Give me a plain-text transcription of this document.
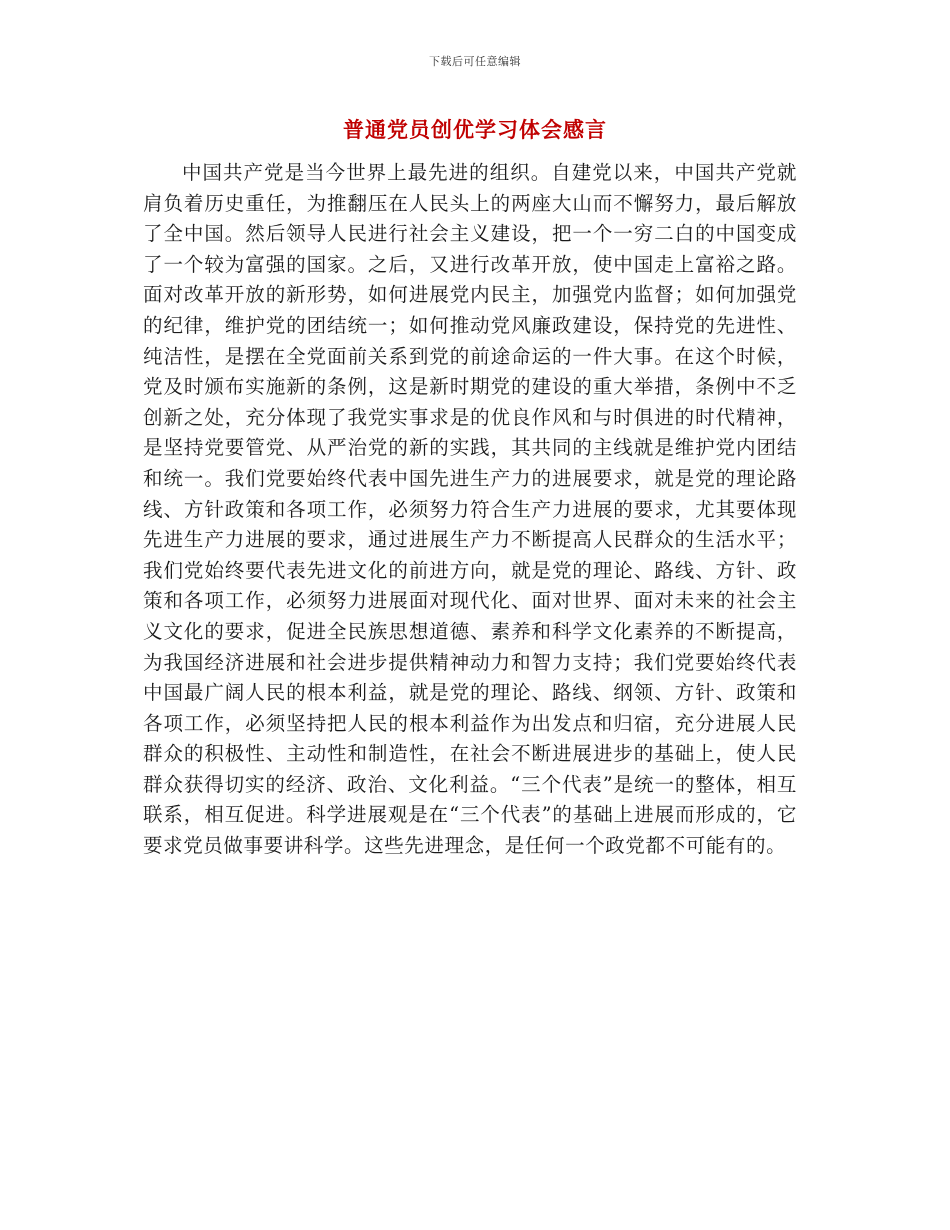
下载后可任意编辑
普通党员创优学习体会感言

中国共产党是当今世界上最先进的组织。自建党以来，中国共产党就肩负着历史重任，为推翻压在人民头上的两座大山而不懈努力，最后解放了全中国。然后领导人民进行社会主义建设，把一个一穷二白的中国变成了一个较为富强的国家。之后，又进行改革开放，使中国走上富裕之路。面对改革开放的新形势，如何进展党内民主，加强党内监督；如何加强党的纪律，维护党的团结统一；如何推动党风廉政建设，保持党的先进性、纯洁性，是摆在全党面前关系到党的前途命运的一件大事。在这个时候，党及时颁布实施新的条例，这是新时期党的建设的重大举措，条例中不乏创新之处，充分体现了我党实事求是的优良作风和与时俱进的时代精神，是坚持党要管党、从严治党的新的实践，其共同的主线就是维护党内团结和统一。我们党要始终代表中国先进生产力的进展要求，就是党的理论路线、方针政策和各项工作，必须努力符合生产力进展的要求，尤其要体现先进生产力进展的要求，通过进展生产力不断提高人民群众的生活水平；我们党始终要代表先进文化的前进方向，就是党的理论、路线、方针、政策和各项工作，必须努力进展面对现代化、面对世界、面对未来的社会主义文化的要求，促进全民族思想道德、素养和科学文化素养的不断提高，为我国经济进展和社会进步提供精神动力和智力支持；我们党要始终代表中国最广阔人民的根本利益，就是党的理论、路线、纲领、方针、政策和各项工作，必须坚持把人民的根本利益作为出发点和归宿，充分进展人民群众的积极性、主动性和制造性，在社会不断进展进步的基础上，使人民群众获得切实的经济、政治、文化利益。“三个代表”是统一的整体，相互联系，相互促进。科学进展观是在“三个代表”的基础上进展而形成的，它要求党员做事要讲科学。这些先进理念，是任何一个政党都不可能有的。
